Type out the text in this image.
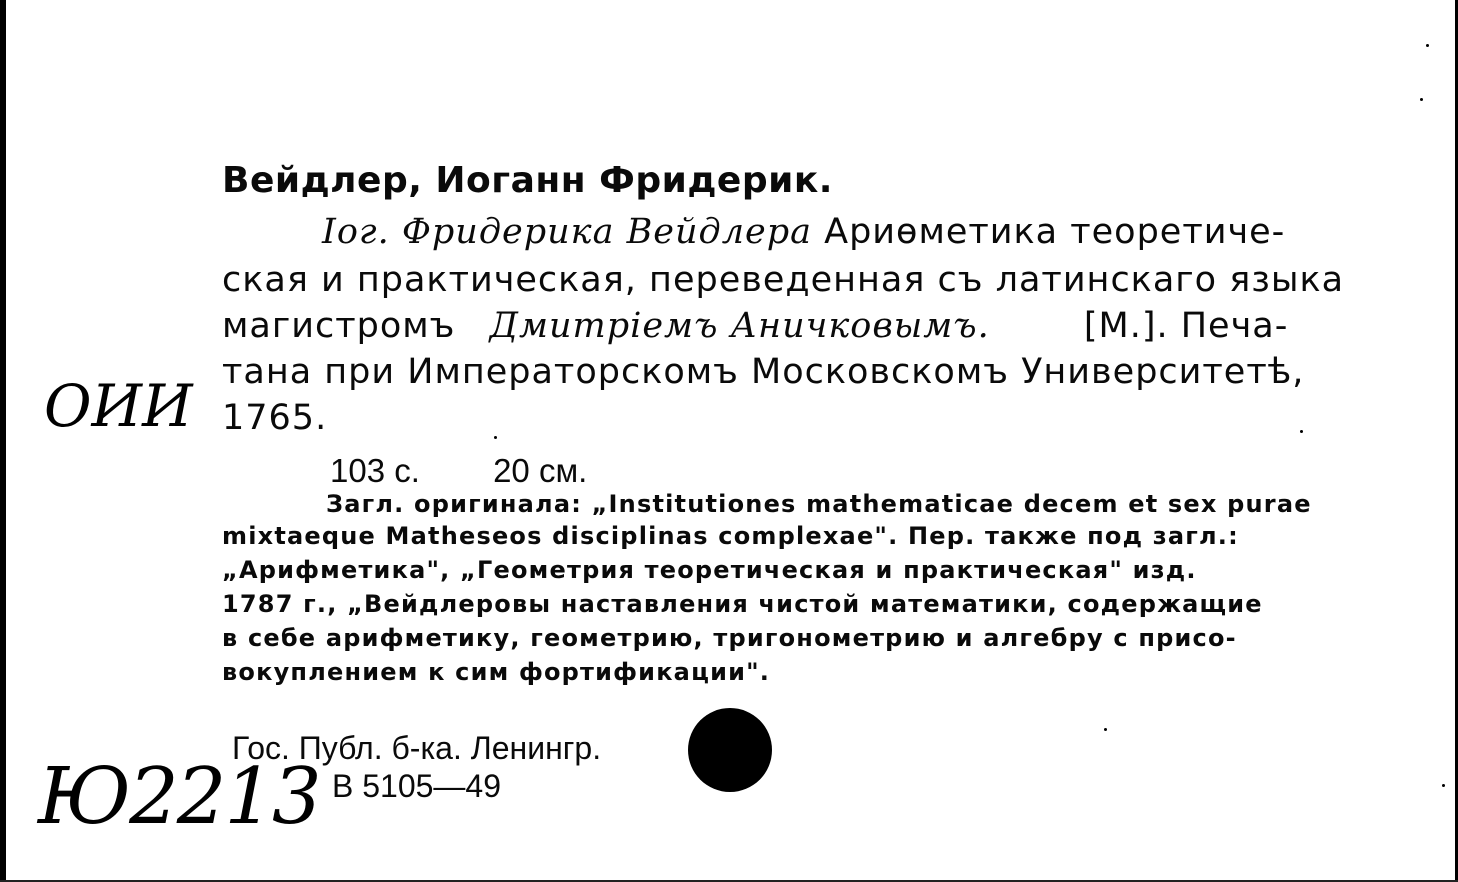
Вейдлер, Иоганн Фридерик.

Іог. Фридерика Вейдлера Ариѳметика теоретиче-

ская и практическая, переведенная съ латинскаго языка

магистромъ Дмитріемъ Аничковымъ.	[М.]. Печа-

тана при Императорскомъ Московскомъ Университетѣ,

1765.

103 с. 20 см.

Загл. оригинала: „Institutiones mathematicae decem et sex purae

mixtaeque Matheseos disciplinas complexae". Пер. также под загл.:

„Арифметика", „Геометрия теоретическая и практическая" изд.

1787 г., „Вейдлеровы наставления чистой математики, содержащие

в себе арифметику, геометрию, тригонометрию и алгебру с присо-

вокуплением к сим фортификации".

Гос. Публ. б-ка. Ленингр.

В 5105—49

ОИИ
Ю2213
